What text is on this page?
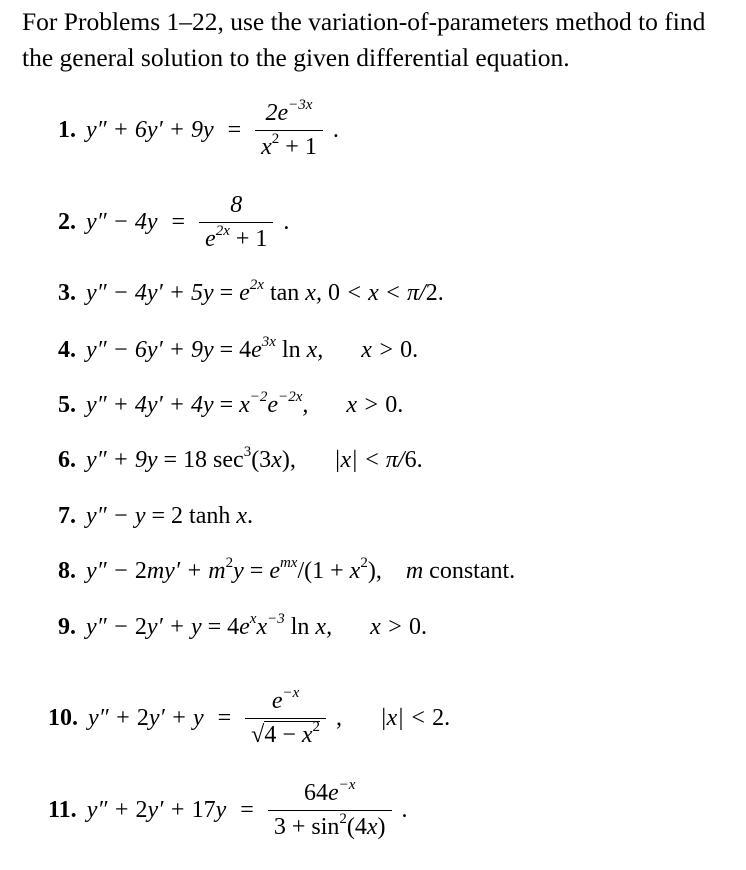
For Problems 1–22, use the variation-of-parameters method to find the general solution to the given differential equation.

1. $y'' + 6y' + 9y = \frac{2e^{-3x}}{x^2 + 1}$ .
2. $y'' - 4y = \frac{8}{e^{2x} + 1}$ .
3. $y'' - 4y' + 5y = e^{2x}$ tan x, 0 < x < π/2.
4. $y'' - 6y' + 9y = 4e^{3x}$ ln x, x > 0.
5. $y'' + 4y' + 4y = x^{-2}e^{-2x}$, x > 0.
6. y″ + 9y = 18 $\sec^3(3x)$, |x| < π/6.
7. y″ − y = 2 tanh x.
8. $y'' - 2my' + m^2y = e^{mx}/(1 + x^2)$, m constant.
9. $y'' - 2y' + y = 4e^xx^{-3}$ ln x, x > 0.
10. $y'' + 2y' + y = \frac{e^{-x}}{√4 - x^2}$ , |x| < 2.
11. $y'' + 2y' + 17y = \frac{64e^{-x}}{3 + \sin^2(4x)}$ .
